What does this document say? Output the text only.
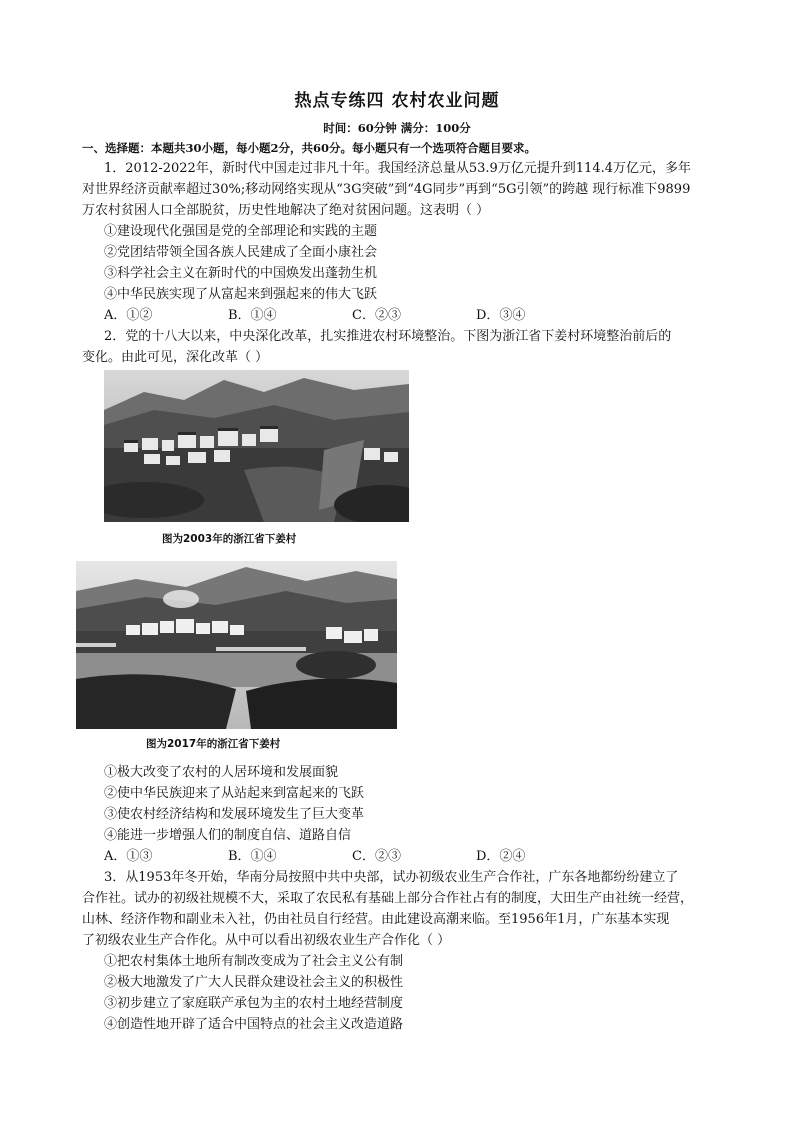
热点专练四 农村农业问题
时间：60分钟 满分：100分
一、选择题：本题共30小题，每小题2分，共60分。每小题只有一个选项符合题目要求。
1．2012-2022年，新时代中国走过非凡十年。我国经济总量从53.9万亿元提升到114.4万亿元，多年
对世界经济贡献率超过30%;移动网络实现从“3G突破”到“4G同步”再到“5G引领”的跨越 现行标准下9899
万农村贫困人口全部脱贫，历史性地解决了绝对贫困问题。这表明（ ）
①建设现代化强国是党的全部理论和实践的主题
②党团结带领全国各族人民建成了全面小康社会
③科学社会主义在新时代的中国焕发出蓬勃生机
④中华民族实现了从富起来到强起来的伟大飞跃
A．①②	B．①④	C．②③	D．③④
2．党的十八大以来，中央深化改革，扎实推进农村环境整治。下图为浙江省下姜村环境整治前后的
变化。由此可见，深化改革（ ）
图为2003年的浙江省下姜村
图为2017年的浙江省下姜村
①极大改变了农村的人居环境和发展面貌
②使中华民族迎来了从站起来到富起来的飞跃
③使农村经济结构和发展环境发生了巨大变革
④能进一步增强人们的制度自信、道路自信
A．①③	B．①④	C．②③	D．②④
3．从1953年冬开始，华南分局按照中共中央部，试办初级农业生产合作社，广东各地都纷纷建立了
合作社。试办的初级社规模不大，采取了农民私有基础上部分合作社占有的制度，大田生产由社统一经营，
山林、经济作物和副业未入社，仍由社员自行经营。由此建设高潮来临。至1956年1月，广东基本实现
了初级农业生产合作化。从中可以看出初级农业生产合作化（ ）
①把农村集体土地所有制改变成为了社会主义公有制
②极大地激发了广大人民群众建设社会主义的积极性
③初步建立了家庭联产承包为主的农村土地经营制度
④创造性地开辟了适合中国特点的社会主义改造道路
